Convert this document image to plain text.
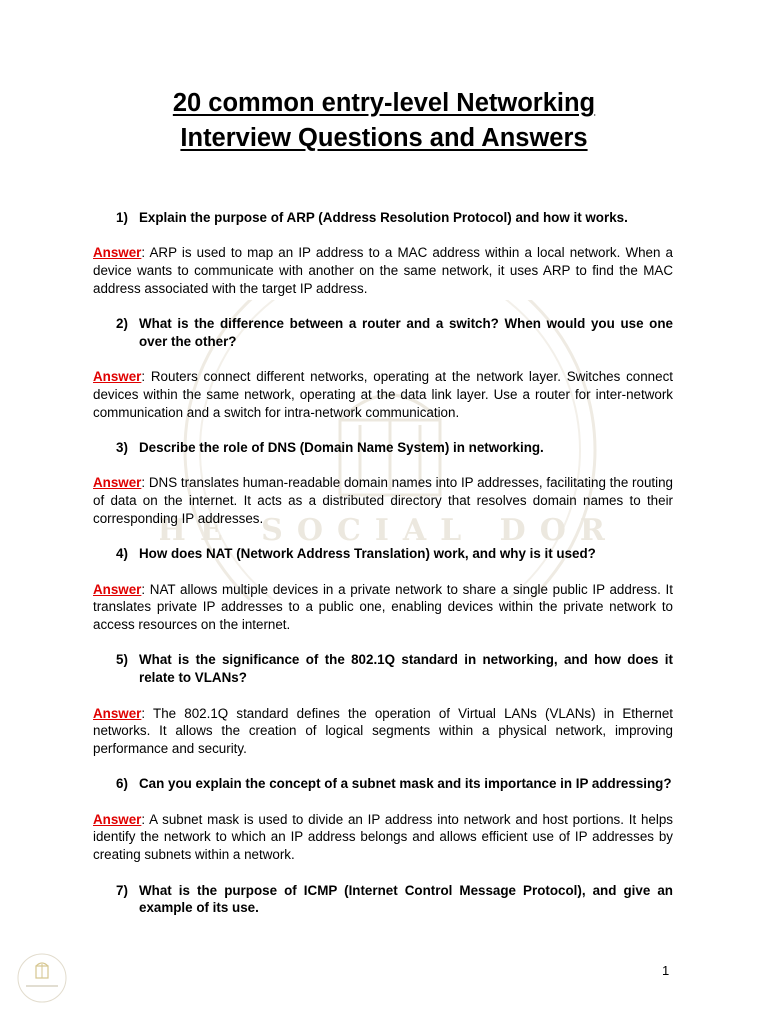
HE SOCIAL DOR
20 common entry-level Networking
Interview Questions and Answers
1) Explain the purpose of ARP (Address Resolution Protocol) and how it works.
Answer: ARP is used to map an IP address to a MAC address within a local network. When a device wants to communicate with another on the same network, it uses ARP to find the MAC address associated with the target IP address.
2) What is the difference between a router and a switch? When would you use one over the other?
Answer: Routers connect different networks, operating at the network layer. Switches connect devices within the same network, operating at the data link layer. Use a router for inter-network communication and a switch for intra-network communication.
3) Describe the role of DNS (Domain Name System) in networking.
Answer: DNS translates human-readable domain names into IP addresses, facilitating the routing of data on the internet. It acts as a distributed directory that resolves domain names to their corresponding IP addresses.
4) How does NAT (Network Address Translation) work, and why is it used?
Answer: NAT allows multiple devices in a private network to share a single public IP address. It translates private IP addresses to a public one, enabling devices within the private network to access resources on the internet.
5) What is the significance of the 802.1Q standard in networking, and how does it relate to VLANs?
Answer: The 802.1Q standard defines the operation of Virtual LANs (VLANs) in Ethernet networks. It allows the creation of logical segments within a physical network, improving performance and security.
6) Can you explain the concept of a subnet mask and its importance in IP addressing?
Answer: A subnet mask is used to divide an IP address into network and host portions. It helps identify the network to which an IP address belongs and allows efficient use of IP addresses by creating subnets within a network.
7) What is the purpose of ICMP (Internet Control Message Protocol), and give an example of its use.
1
